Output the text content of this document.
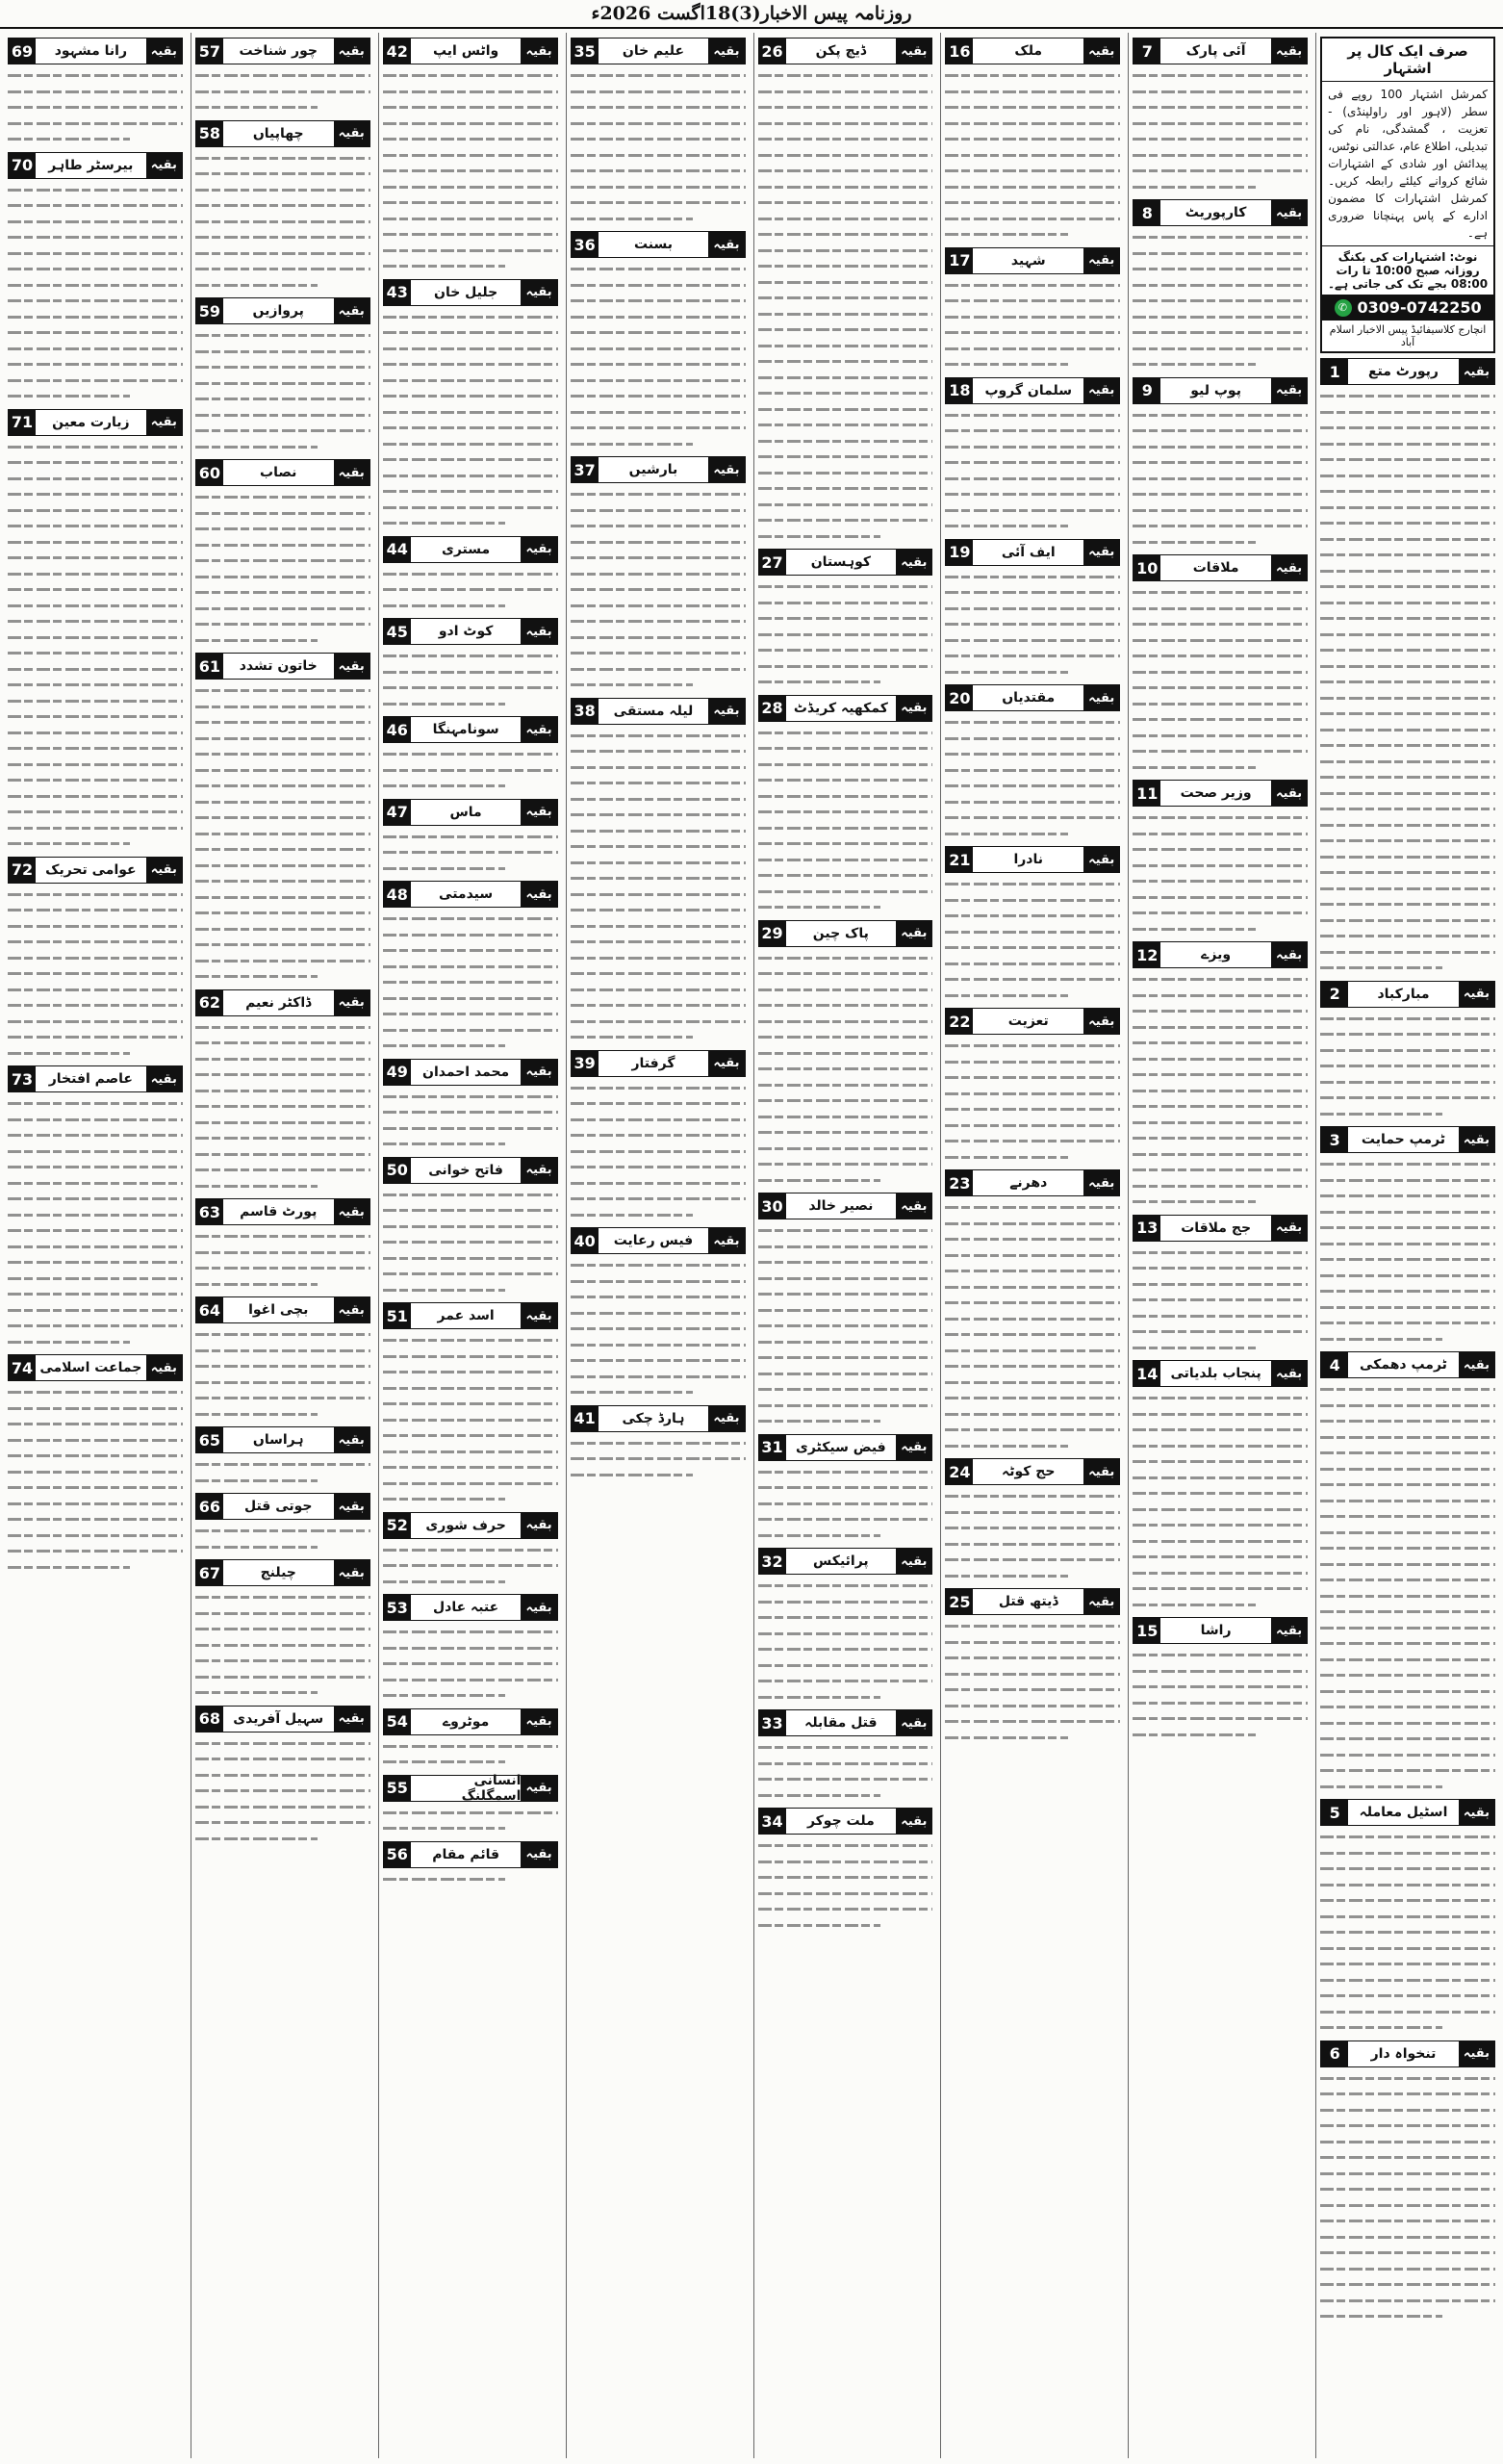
روزنامہ پیس الاخبار(3)18اگست 2026ء
صرف ایک کال پر اشتہار
کمرشل اشتہار 100 روپے فی سطر (لاہور اور راولپنڈی) - تعزیت ، گمشدگی، نام کی تبدیلی، اطلاع عام، عدالتی نوٹس، پیدائش اور شادی کے اشتہارات شائع کروانے کیلئے رابطہ کریں۔ کمرشل اشتہارات کا مضمون ادارے کے پاس پہنچانا ضروری ہے۔
نوٹ: اشتہارات کی بکنگ روزانہ صبح 10:00 تا رات 08:00 بجے تک کی جاتی ہے۔
✆ 0309-0742250
انچارج کلاسیفائیڈ پیس الاخبار اسلام آباد
بقیہ
رپورٹ متع
1
بقیہ
مبارکباد
2
بقیہ
ٹرمپ حمایت
3
بقیہ
ٹرمپ دھمکی
4
بقیہ
اسٹیل معاملہ
5
بقیہ
تنخواہ دار
6
بقیہ
آئی پارک
7
بقیہ
کارپوریٹ
8
بقیہ
پوپ لیو
9
بقیہ
ملاقات
10
بقیہ
وزیر صحت
11
بقیہ
ویزے
12
بقیہ
جج ملاقات
13
بقیہ
پنجاب بلدیاتی
14
بقیہ
راشا
15
بقیہ
ملک
16
بقیہ
شہید
17
بقیہ
سلمان گروپ
18
بقیہ
ایف آئی
19
بقیہ
مقتدیاں
20
بقیہ
نادرا
21
بقیہ
تعزیت
22
بقیہ
دھرنے
23
بقیہ
حج کوٹہ
24
بقیہ
ڈیتھ قتل
25
بقیہ
ڈیچ پکن
26
بقیہ
کوہستان
27
بقیہ
کمکھیہ کریڈٹ
28
بقیہ
پاک چین
29
بقیہ
نصیر خالد
30
بقیہ
فیض سیکٹری
31
بقیہ
پرائیکس
32
بقیہ
قتل مقابلہ
33
بقیہ
ملت چوکر
34
بقیہ
علیم خان
35
بقیہ
بسنت
36
بقیہ
بارشیں
37
بقیہ
لیلہ مستقی
38
بقیہ
گرفتار
39
بقیہ
فیس رعایت
40
بقیہ
ہارڈ چکی
41
بقیہ
واٹس ایپ
42
بقیہ
جلیل خان
43
بقیہ
مستری
44
بقیہ
کوٹ ادو
45
بقیہ
سونامہنگا
46
بقیہ
ماس
47
بقیہ
سیدمتی
48
بقیہ
محمد احمدان
49
بقیہ
فاتح خوانی
50
بقیہ
اسد عمر
51
بقیہ
حرف شوری
52
بقیہ
عتبہ عادل
53
بقیہ
موٹروے
54
بقیہ
انسانی اسمگلنگ
55
بقیہ
قائم مقام
56
بقیہ
چور شناخت
57
بقیہ
چھاپیاں
58
بقیہ
پروازیں
59
بقیہ
نصاب
60
بقیہ
خاتون تشدد
61
بقیہ
ڈاکٹر نعیم
62
بقیہ
پورٹ قاسم
63
بقیہ
بچی اغوا
64
بقیہ
ہراساں
65
بقیہ
جوتی قتل
66
بقیہ
چیلنج
67
بقیہ
سہیل آفریدی
68
بقیہ
رانا مشہود
69
بقیہ
بیرسٹر طاہر
70
بقیہ
زیارت معین
71
بقیہ
عوامی تحریک
72
بقیہ
عاصم افتخار
73
بقیہ
جماعت اسلامی
74
